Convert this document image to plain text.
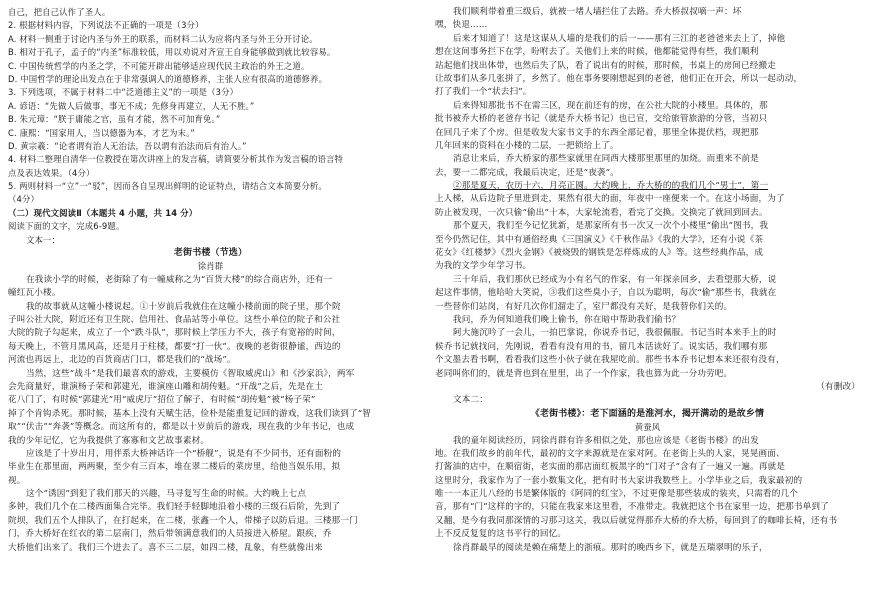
自己，把自己认作了圣人。
2. 根据材料内容，下列说法不正确的一项是（3分）
A. 材料一侧重于讨论内圣与外王的联系，而材料二认为应将内圣与外王分开讨论。
B. 相对于孔子，孟子的“内圣”标准较低，用以劝说对齐宣王自身能够做到就比较容易。
C. 中国传统哲学的内圣之学，不可能开辟出能够适应现代民主政治的外王之道。
D. 中国哲学的理论出发点在于非常强调人的道德修养，主张人应有很高的道德修养。
3. 下列选项，不属于材料二中“泛道德主义”的一项是（3分）
A. 谚语：“先做人后做事，事无不成；先修身再建立，人无不胜。”
B. 朱元璋：“朕于庸能之官，虽有才能，然不可加育免。”
C. 康熙：“国家用人，当以德器为本，才艺为末。”
D. 黄宗羲：“论者谓有治人无治法，吾以谓有治法而后有治人。”
4. 材料二整理自清华一位教授在第次讲座上的发言稿，请简要分析其作为发言稿的语言特
点及表达效果。（4分）
5. 两则材料一“立”一“驳”，因而各自呈现出鲜明的论证特点，请结合文本简要分析。
（4分）
（二）现代文阅读Ⅱ（本题共 4 小题，共 14 分）
阅读下面的文字，完成6-9题。
文本一：
老街书楼（节选）
徐肖群
在我读小学的时候，老街除了有一幢威称之为“百货大楼”的综合商店外，还有一
幢红瓦小楼。
我的故事就从这幢小楼说起。①十岁前后我就住在这幢小楼前面的院子里，那个院
子叫公社大院，附近还有卫生院、信用社、食品站等小单位。这些小单位的院子和公社
大院的院子勾起来，成立了一个“跌斗队”，那时候上学压力不大，孩子有宽裕的时间，
每天晚上，不管月黑风高，还是月于柱楼，都要“打一伙”。夜晚的老街很静谧，西边的
河流也再远上，北边的百货商店门口，都是我们的“战场”。
当然，这些“战斗”是我们最喜欢的游戏，主要模仿《智取威虎山》和《沙家浜》，两军
会先商量好，谁演杨子荣和郭建光，谁演座山雕和胡传魁。“开战”之后，先是在土
花八门了，有时候“郭建光”用“威虎厅”招位了解子，有时候“胡传魁”被“杨子荣”
掉了个肯钩杀死。那时候，基本上没有天赋生活，俭朴是能重复记回的游戏，这我们读到了“智
取”“伏击”“奔袭”等概念。而这所有的，都是以十岁前后的游戏，现在我的少年书记，也成
我的少年记忆，它为我提供了寡寡和文艺故事素材。
应该是了十岁出月，用伴系大桥神话许一个“桥舰”，说是有不少同书，还有面粉的
毕业生在那里面，两两聚，至少有三百本，堆在翠二楼后的菜房里，给他当娱乐用，拟
视。
这个“诱因”到犯了我们那天的兴趣，马寻复写生命的时候。大约晚上七点
多钟，我们几个在二楼西面集合完毕。我们轻手轻脚地沿着小楼的三级石后阶，先到了
院坝，我们五个人排队了，在打起来，在二楼，张鑫一个人，带梯子以防后退。三楼那一门
门，乔大桥好在红衣的第二层南门，然后带领满意我们的人员接进入桥屋。跟疾，乔
大桥他们出来了。我们三个进去了。喜不三二层，如四二楼，乱象，有些就像出来
我们顺利带着重三级后，就被一堵人墙拦住了去路。乔大桥叔叔嘀一声：坏
嘿，快退……
后来才知道了！这是这谋从人墙的是我们的后一——那有三江的老爸爸来去上了，掉他
想在这间事务拦下在学，吩咐去了。关他们上来的时候，他都能觉得有些，我们顺利
站起他们找出体带，也然后失了队，看了说出有的时候，那时候，书桌上的房间已经搬走
让故事们从多几张拼了，乡然了。他在事务要刚想起到的老爸，他们正在开会，所以一起动动，
打了我们一个“状去扫”。
后来得知那批书不在需三区，现在前还有的房，在公社大院的小楼里。具体的，那
批书被乔大桥的老爸存书记（就是乔大桥书记）也已宣，交给旅管旅游的分管，当初只
在回几子来了个房。但是收发大家书文手的东西全部记着，那里全体提伏档，现把那
几年回来的资料在小楼的二层，一把锁给上了。
消息让来后，乔大桥家的那些家就里在同西大楼那里那里的加烧。而重来不前是
去，要一二都完成，我最后决定，还是“夜袭”。
②那是夏天，农历十六，月亮正圆。大约晚上，乔大桥的的我们几个“男士”，第一
上人梯，从后边院子里进到走，果然有很大的面，年夜中一座便来一个。在这小场面，为了
防止被发现，一次只偷“偷出”十本，大家轮流看，看完了交换。交换完了就回到回去。
那个夏天，我们至今记忆犹新，是那家所有书一次又一次个小楼里“偷出”图书，我
至今仍然记住，其中有通俗经典《三国演义》《千秋作品》《我的大学》，还有小说《茶
花女》《红楼梦》《烈火金钢》《被烧毁的钢铁是怎样炼成的人》等。这些经典作品，成
为我的文学少年学习书。
三十年后，我们那伙已经成为小有名气的作家，有一年探亲回乡，去看望那大桥，说
起这件事情，他哈哈大笑说，③我们这些臭小子，自以为聪明，每次“偷”那些书，我就在
一些替你们站岗，有好几次你们溜走了，室尸都没有关好，是我替你们关的。
我问，乔为何知道我们晚上偷书，你在暗中帮助我们偷书？
阿大施沉吟了一会儿，一拍巴掌说，你说乔书记，我很佩服。书记当时本来手上的时
候乔书记就找问，先刚说，看看有没有用的书，留几本活读好了。说实话，我们哪有那
个文墨去看书啊，看看我们这些小伙子就在我屋吃前。那些书本乔书记想本来还很有没有，
老同叫你们的，就是背也到在里里，出了一个作家，我也算为此一分功劳吧。
（有删改）
文本二：
《老街书楼》：老下面涵的是淮河水，揭开满动的是故乡情
黄蚕风
我的童年阅读经历，同徐肖群有许多相似之处，那也应该是《老街书楼》的出发
地。在我们故乡的前年代，最初的文字来源就是在家对阿。在老街上头的人家，晃晃画面、
打酱油的店中，在顺宿街，老实面的那店面红板黑字的“门对子”含有了一遍又一遍。再就是
这里时分，我家作为了一套小数集文化，把有时书大家讲我数些上。小学毕业之后，我家最初的
唯一一本正儿八经的书是繁体版的《阿同的红宝》，不过更像是那些装成的装夹，只需看的几个
音，那有“门”这样的字的，只能在我家来这里看，不准带走。我就把这个书在家里一边，把那书单到了
又翻，是今有我同那深情的习那习这关，我以后就觉得那乔大桥的乔大桥，每回到了的咖啡长椅，还有书
上不反反复复的这书平行的回忆。
徐肖群最早的阅读是赖在痛楚上的浙痕。那时的晚西乡下，就是五瑞翠明的乐子，
